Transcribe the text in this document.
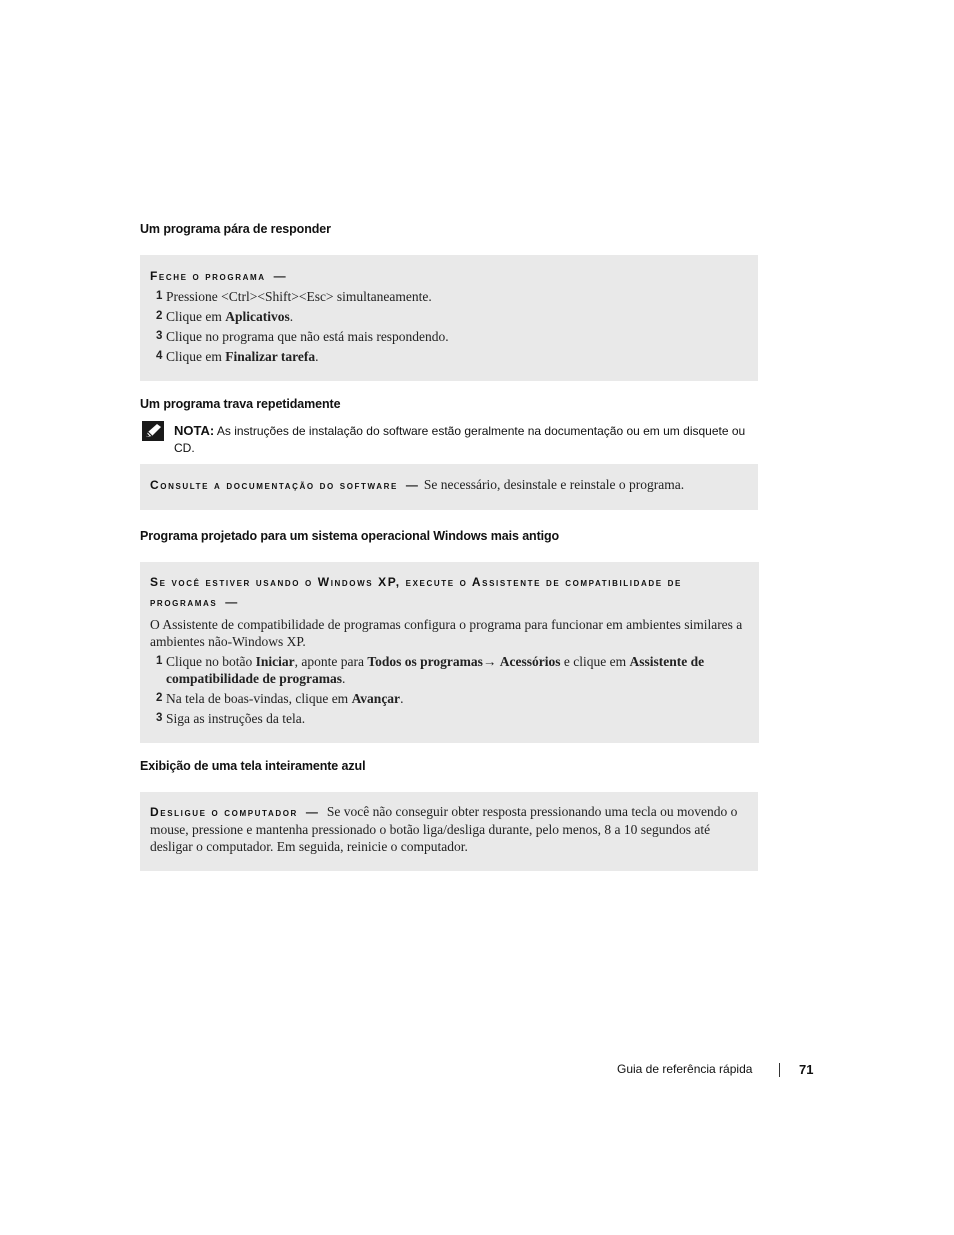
Um programa pára de responder
Feche o programa —
1 Pressione <Ctrl><Shift><Esc> simultaneamente.
2 Clique em Aplicativos.
3 Clique no programa que não está mais respondendo.
4 Clique em Finalizar tarefa.
Um programa trava repetidamente
NOTA: As instruções de instalação do software estão geralmente na documentação ou em um disquete ou CD.
Consulte a documentação do software — Se necessário, desinstale e reinstale o programa.
Programa projetado para um sistema operacional Windows mais antigo
Se você estiver usando o Windows XP, execute o Assistente de compatibilidade de programas —
O Assistente de compatibilidade de programas configura o programa para funcionar em ambientes similares a ambientes não-Windows XP.
1 Clique no botão Iniciar, aponte para Todos os programas→ Acessórios e clique em Assistente de compatibilidade de programas.
2 Na tela de boas-vindas, clique em Avançar.
3 Siga as instruções da tela.
Exibição de uma tela inteiramente azul
Desligue o computador — Se você não conseguir obter resposta pressionando uma tecla ou movendo o mouse, pressione e mantenha pressionado o botão liga/desliga durante, pelo menos, 8 a 10 segundos até desligar o computador. Em seguida, reinicie o computador.
Guia de referência rápida	71
